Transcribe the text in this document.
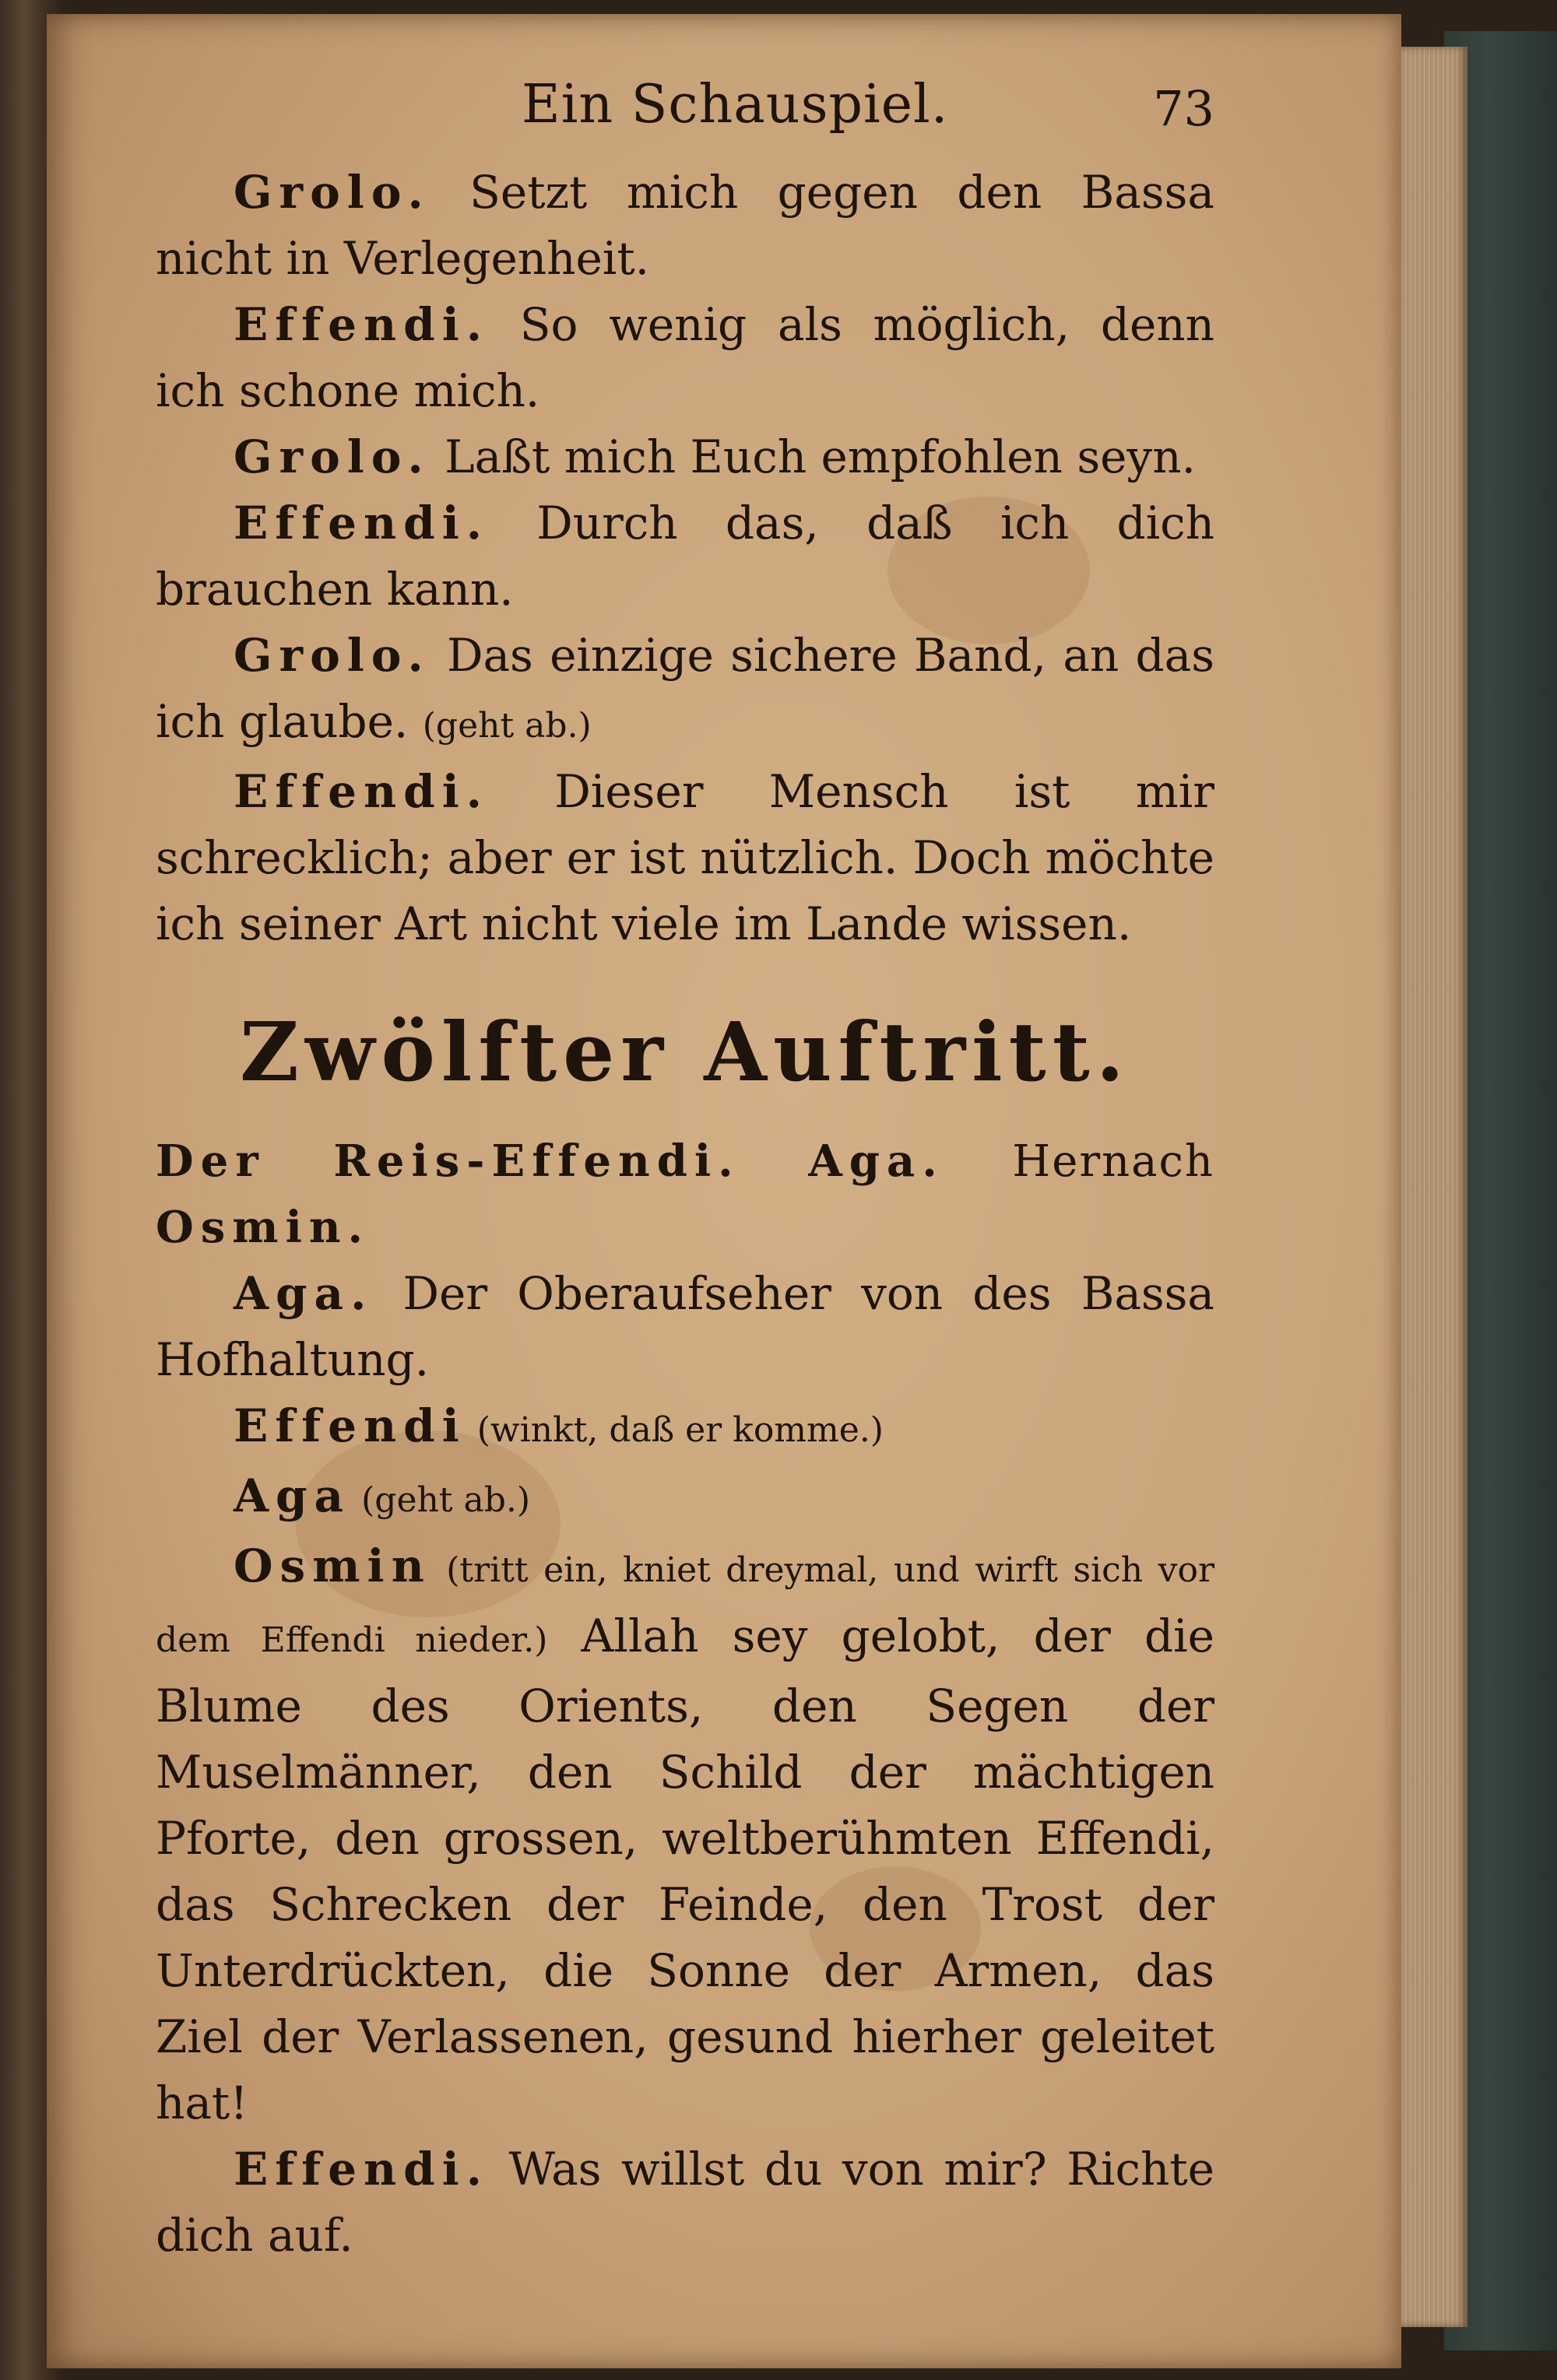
Ein Schauspiel.	73

Grolo. Setzt mich gegen den Bassa nicht in Verlegenheit.

Effendi. So wenig als möglich, denn ich schone mich.

Grolo. Laßt mich Euch empfohlen seyn.

Effendi. Durch das, daß ich dich brauchen kann.

Grolo. Das einzige sichere Band, an das ich glaube. (geht ab.)

Effendi. Dieser Mensch ist mir schrecklich; aber er ist nützlich. Doch möchte ich seiner Art nicht viele im Lande wissen.

Zwölfter Auftritt.

Der Reis-Effendi. Aga. Hernach Osmin.

Aga. Der Oberaufseher von des Bassa Hofhaltung.

Effendi (winkt, daß er komme.)

Aga (geht ab.)

Osmin (tritt ein, kniet dreymal, und wirft sich vor dem Effendi nieder.) Allah sey gelobt, der die Blume des Orients, den Segen der Muselmänner, den Schild der mächtigen Pforte, den grossen, weltberühmten Effendi, das Schrecken der Feinde, den Trost der Unterdrückten, die Sonne der Armen, das Ziel der Verlassenen, gesund hierher geleitet hat!

Effendi. Was willst du von mir? Richte dich auf.
